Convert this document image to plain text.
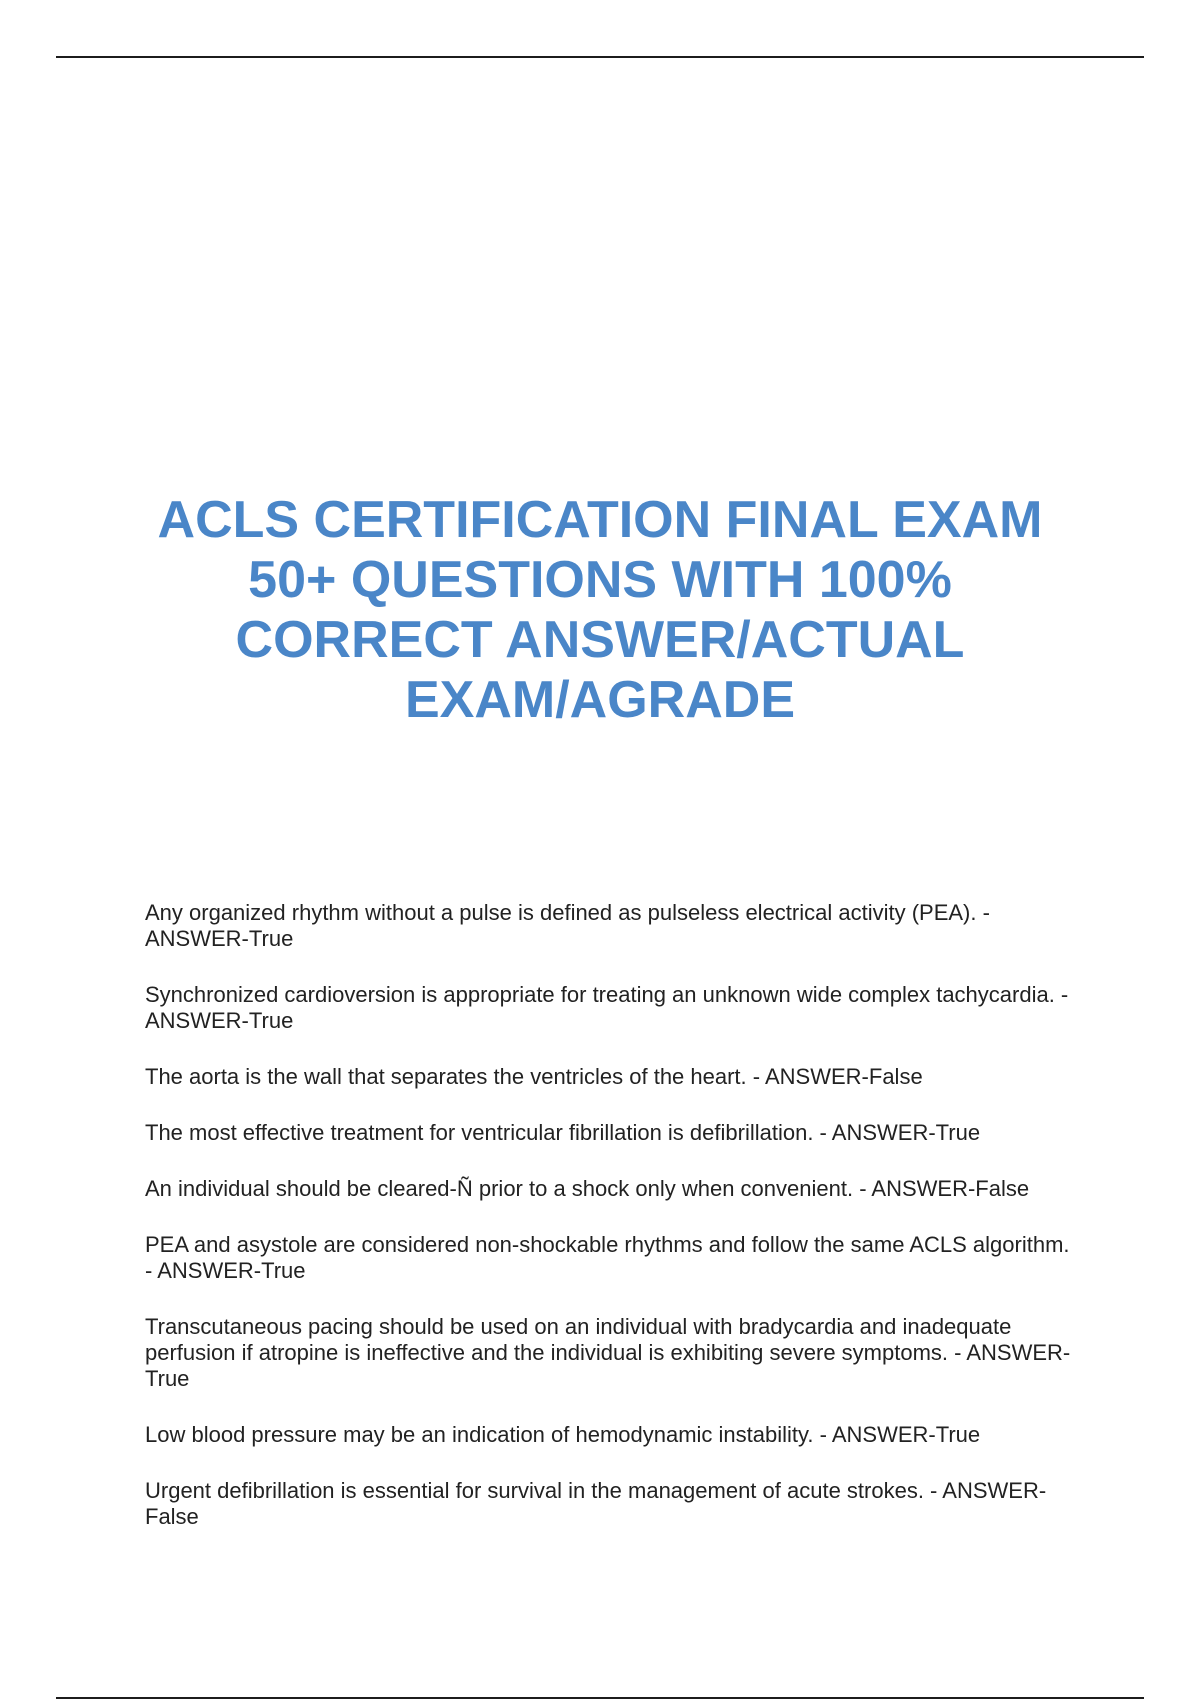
ACLS CERTIFICATION FINAL EXAM
50+ QUESTIONS WITH 100%
CORRECT ANSWER/ACTUAL
EXAM/AGRADE
Any organized rhythm without a pulse is defined as pulseless electrical activity (PEA). - ANSWER-True
Synchronized cardioversion is appropriate for treating an unknown wide complex tachycardia. - ANSWER-True
The aorta is the wall that separates the ventricles of the heart. - ANSWER-False
The most effective treatment for ventricular fibrillation is defibrillation. - ANSWER-True
An individual should be cleared-Ñ prior to a shock only when convenient. - ANSWER-False
PEA and asystole are considered non-shockable rhythms and follow the same ACLS algorithm. - ANSWER-True
Transcutaneous pacing should be used on an individual with bradycardia and inadequate perfusion if atropine is ineffective and the individual is exhibiting severe symptoms. - ANSWER-True
Low blood pressure may be an indication of hemodynamic instability. - ANSWER-True
Urgent defibrillation is essential for survival in the management of acute strokes. - ANSWER-False
